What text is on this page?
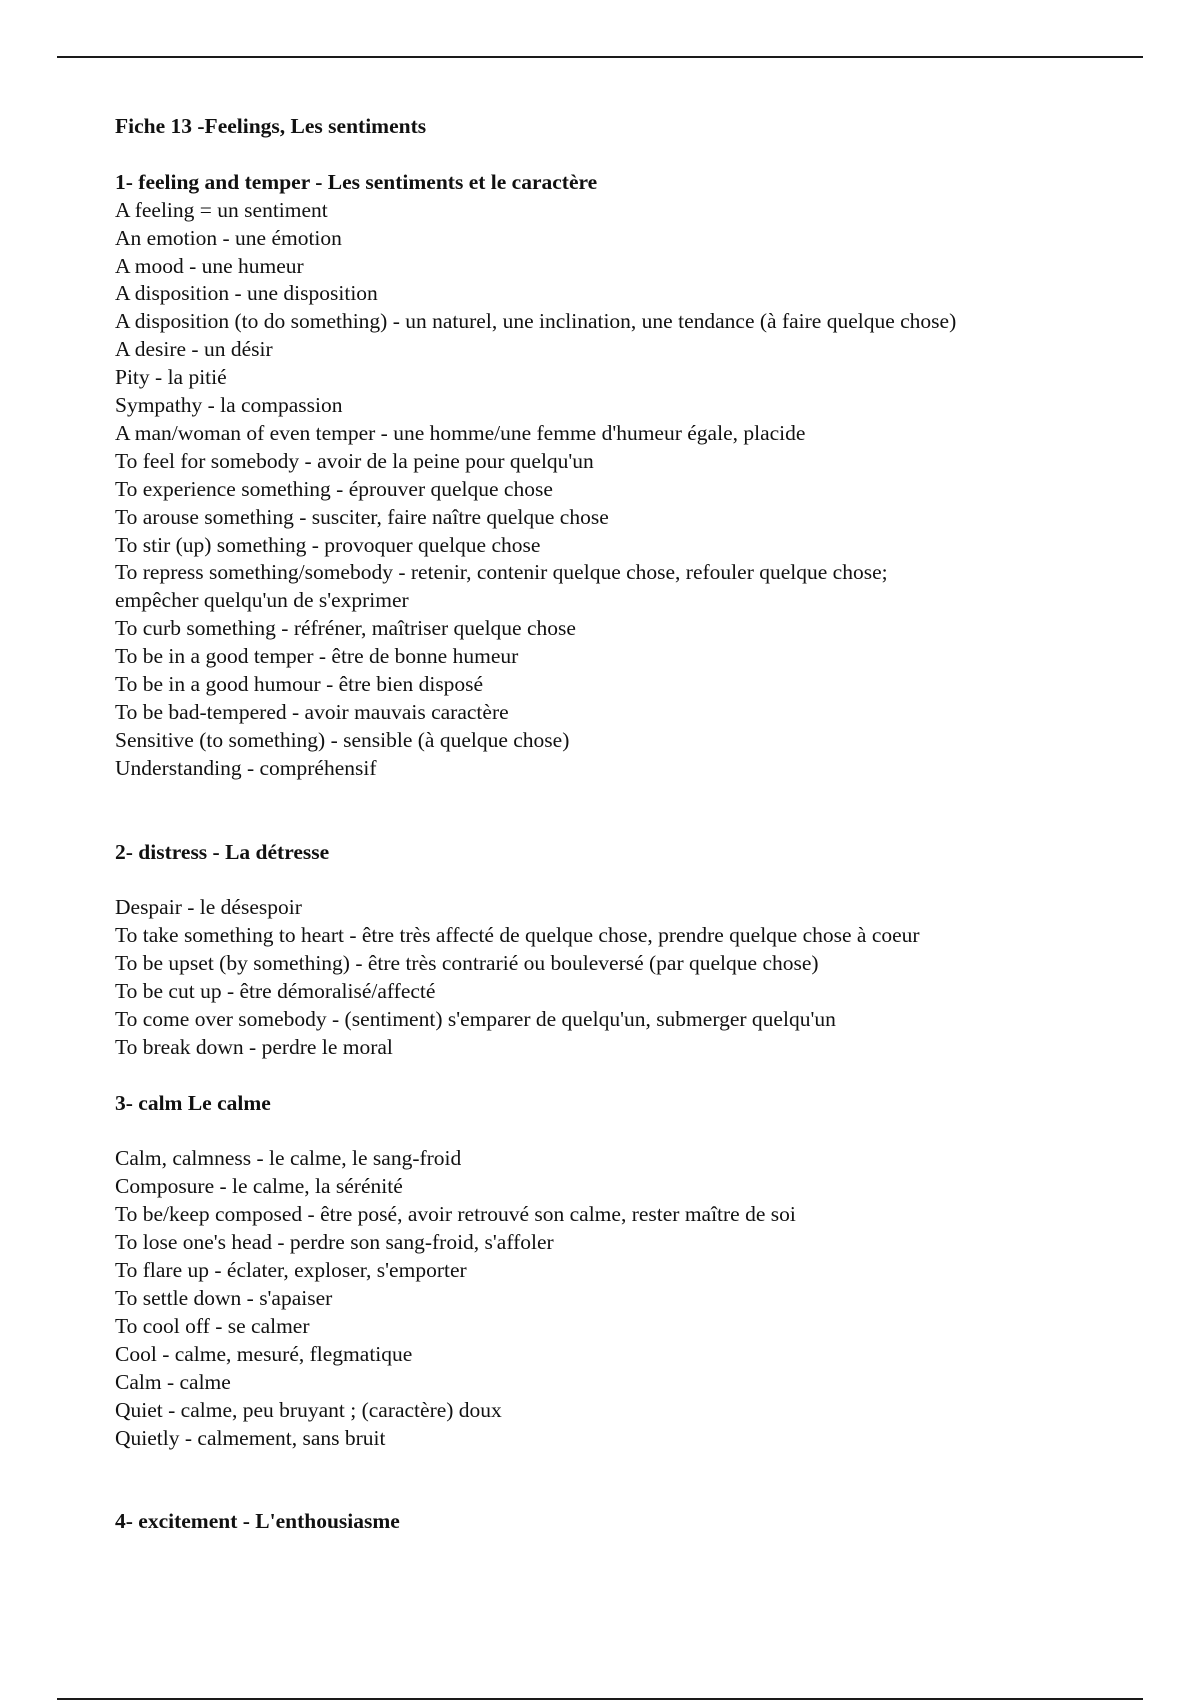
Fiche 13 -Feelings, Les sentiments

1- feeling and temper - Les sentiments et le caractère

A feeling = un sentiment

An emotion - une émotion

A mood - une humeur

A disposition - une disposition

A disposition (to do something) - un naturel, une inclination, une tendance (à faire quelque chose)

A desire - un désir

Pity - la pitié

Sympathy - la compassion

A man/woman of even temper - une homme/une femme d'humeur égale, placide

To feel for somebody - avoir de la peine pour quelqu'un

To experience something - éprouver quelque chose

To arouse something - susciter, faire naître quelque chose

To stir (up) something - provoquer quelque chose

To repress something/somebody - retenir, contenir quelque chose, refouler quelque chose;

empêcher quelqu'un de s'exprimer

To curb something - réfréner, maîtriser quelque chose

To be in a good temper - être de bonne humeur

To be in a good humour - être bien disposé

To be bad-tempered - avoir mauvais caractère

Sensitive (to something) - sensible (à quelque chose)

Understanding - compréhensif

2- distress - La détresse

Despair - le désespoir

To take something to heart - être très affecté de quelque chose, prendre quelque chose à coeur

To be upset (by something) - être très contrarié ou bouleversé (par quelque chose)

To be cut up - être démoralisé/affecté

To come over somebody - (sentiment) s'emparer de quelqu'un, submerger quelqu'un

To break down - perdre le moral

3- calm Le calme

Calm, calmness - le calme, le sang-froid

Composure - le calme, la sérénité

To be/keep composed - être posé, avoir retrouvé son calme, rester maître de soi

To lose one's head - perdre son sang-froid, s'affoler

To flare up - éclater, exploser, s'emporter

To settle down - s'apaiser

To cool off - se calmer

Cool - calme, mesuré, flegmatique

Calm - calme

Quiet - calme, peu bruyant ; (caractère) doux

Quietly - calmement, sans bruit

4- excitement - L'enthousiasme
